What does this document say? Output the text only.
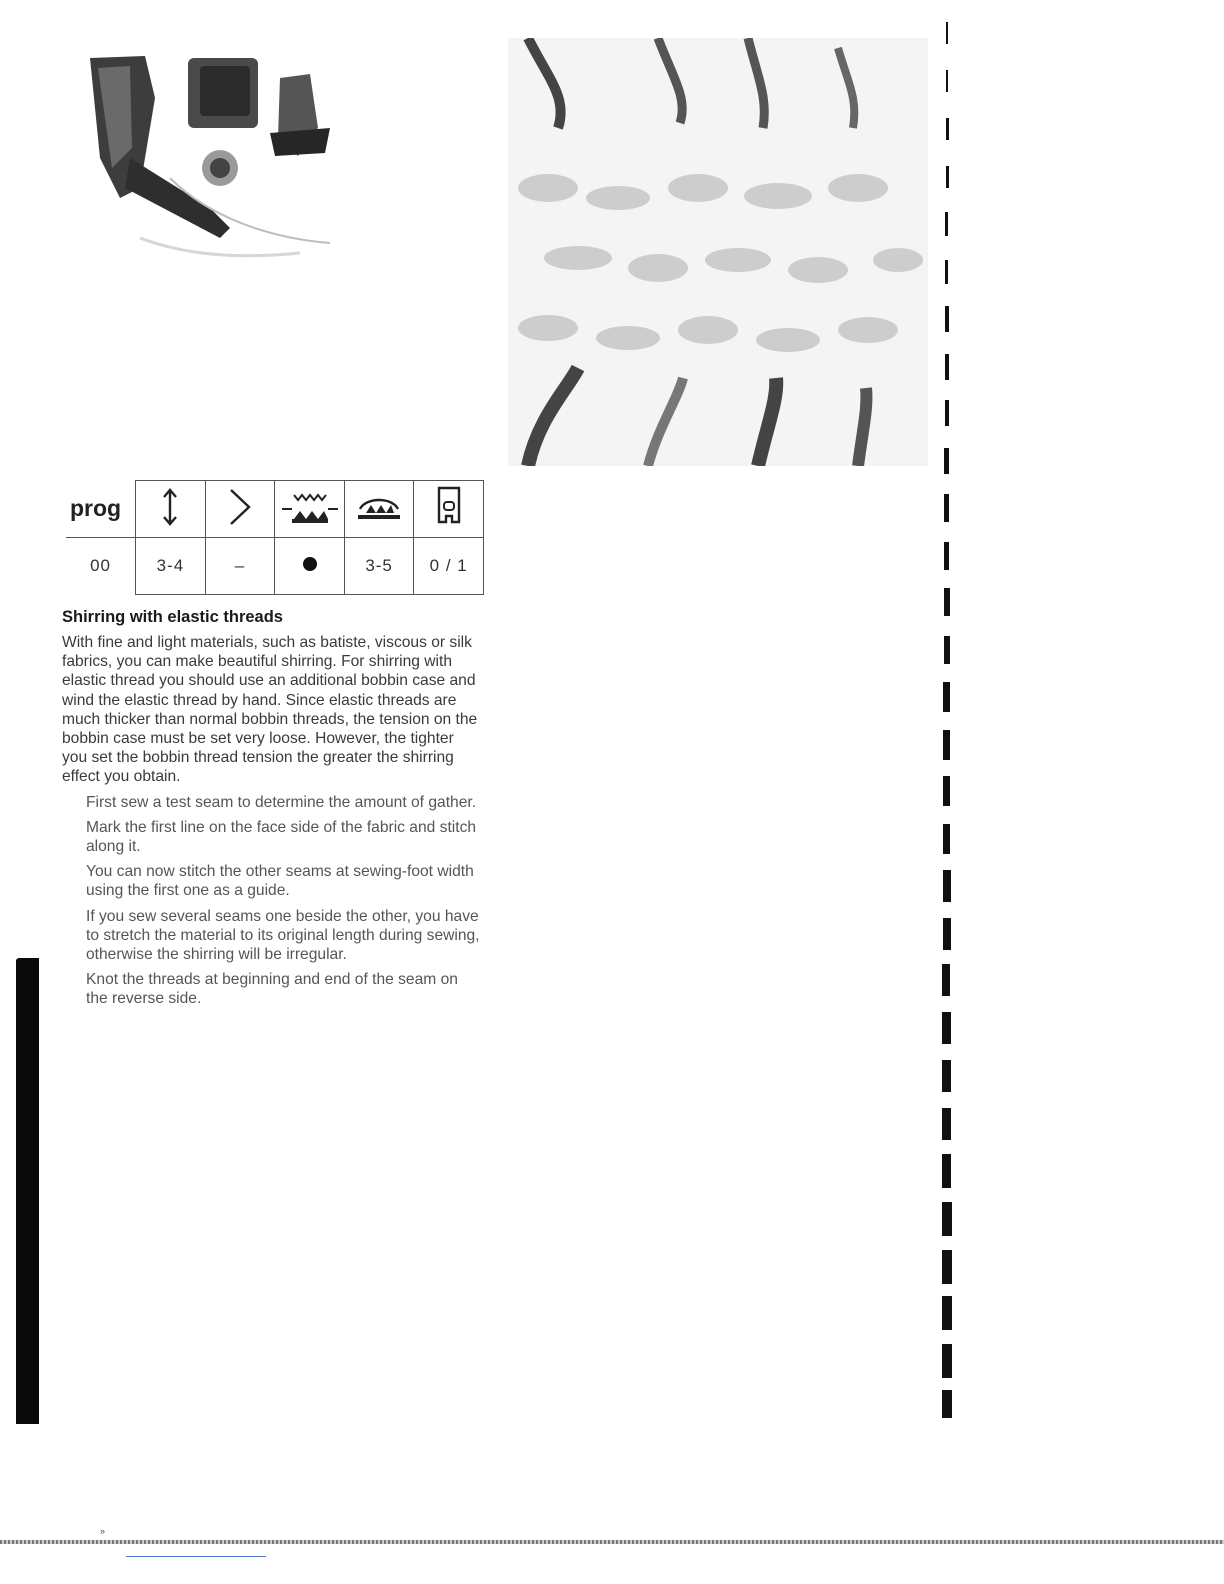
prog					
00	3-4	–		3-5	0 / 1
Shirring with elastic threads

With fine and light materials, such as batiste, viscous or silk fabrics, you can make beautiful shirring. For shirring with elastic thread you should use an additional bobbin case and wind the elastic thread by hand. Since elastic threads are much thicker than normal bobbin threads, the tension on the bobbin case must be set very loose. However, the tighter you set the bobbin thread tension the greater the shirring effect you obtain.

First sew a test seam to determine the amount of gather.
Mark the first line on the face side of the fabric and stitch along it.
You can now stitch the other seams at sewing-foot width using the first one as a guide.
If you sew several seams one beside the other, you have to stretch the material to its original length during sewing, otherwise the shirring will be irregular.
Knot the threads at beginning and end of the seam on the reverse side.
»
